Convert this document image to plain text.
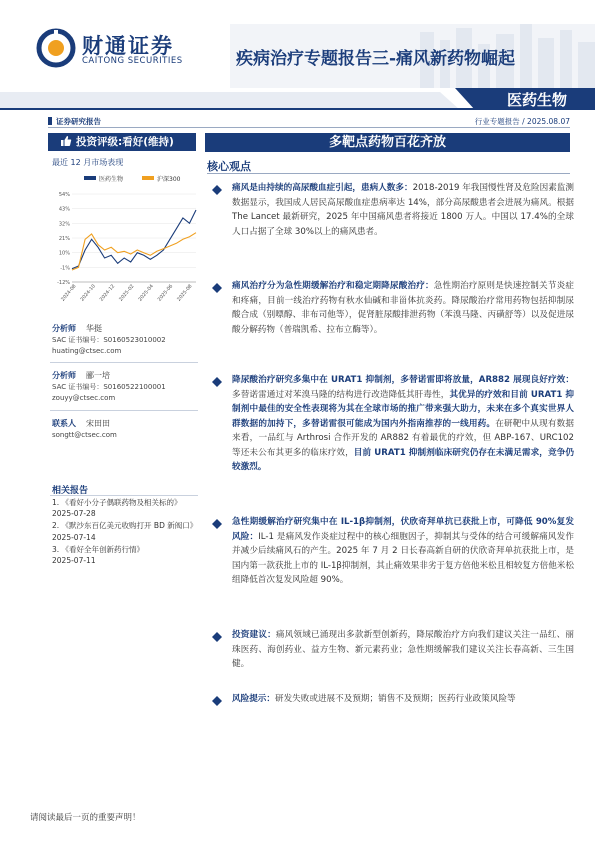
财通证券
CAITONG SECURITIES	疾病治疗专题报告三-痛风新药物崛起
医药生物
证券研究报告	行业专题报告 / 2025.08.07
投资评级:看好(维持)
最近 12 月市场表现
医药生物	沪深300
54%
43%
32%
21%
10%
-1%
-12%
2024-08 2024-10 2024-12 2025-02 2025-04 2025-06 2025-08
分析师 华挺
SAC 证书编号：S0160523010002
huating@ctsec.com
分析师 郦一培
SAC 证书编号：S0160522100001
zouyy@ctsec.com
联系人 宋田田
songtt@ctsec.com
相关报告
1. 《看好小分子偶联药物及相关标的》
2025-07-28
2. 《默沙东百亿美元收购打开 BD 新阀口》
2025-07-14
3. 《看好全年创新药行情》
2025-07-11
多靶点药物百花齐放
核心观点
痛风是由持续的高尿酸血症引起，患病人数多：2018-2019 年我国慢性肾及危险因素监测数据显示，我国成人居民高尿酸血症患病率达 14%，部分高尿酸患者会进展为痛风。根据 The Lancet 最新研究，2025 年中国痛风患者将接近 1800 万人。中国以 17.4%的全球人口占据了全球 30%以上的痛风患者。
痛风治疗分为急性期缓解治疗和稳定期降尿酸治疗：急性期治疗原则是快速控制关节炎症和疼痛，目前一线治疗药物有秋水仙碱和非甾体抗炎药。降尿酸治疗常用药物包括抑制尿酸合成（别嘌醇、非布司他等），促肾脏尿酸排泄药物（苯溴马隆、丙磺舒等）以及促进尿酸分解药物（普瑞凯希、拉布立酶等）。
降尿酸治疗研究多集中在 URAT1 抑制剂，多替诺雷即将放量，AR882 展现良好疗效：多替诺雷通过对苯溴马隆的结构进行改造降低其肝毒性，其优异的疗效和目前 URAT1 抑制剂中最佳的安全性表现将为其在全球市场的推广带来强大助力，未来在多个真实世界人群数据的加持下，多替诺雷很可能成为国内外指南推荐的一线用药。在研靶中从现有数据来看，一品红与 Arthrosi 合作开发的 AR882 有着最优的疗效，但 ABP-167、URC102 等还未公布其更多的临床疗效，目前 URAT1 抑制剂临床研究仍存在未满足需求，竞争仍较激烈。
急性期缓解治疗研究集中在 IL-1β抑制剂，伏欣奇拜单抗已获批上市，可降低 90%复发风险：IL-1 是痛风发作炎症过程中的核心细胞因子，抑制其与受体的结合可缓解痛风发作并减少后续痛风石的产生。2025 年 7 月 2 日长春高新自研的伏欣奇拜单抗获批上市，是国内第一款获批上市的 IL-1β抑制剂，其止痛效果非劣于复方倍他米松且相较复方倍他米松组降低首次复发风险超 90%。
投资建议：痛风领域已涌现出多款新型创新药，降尿酸治疗方向我们建议关注一品红、丽珠医药、海创药业、益方生物、新元素药业；急性期缓解我们建议关注长春高新、三生国健。
风险提示：研发失败或进展不及预期；销售不及预期；医药行业政策风险等
请阅读最后一页的重要声明！
